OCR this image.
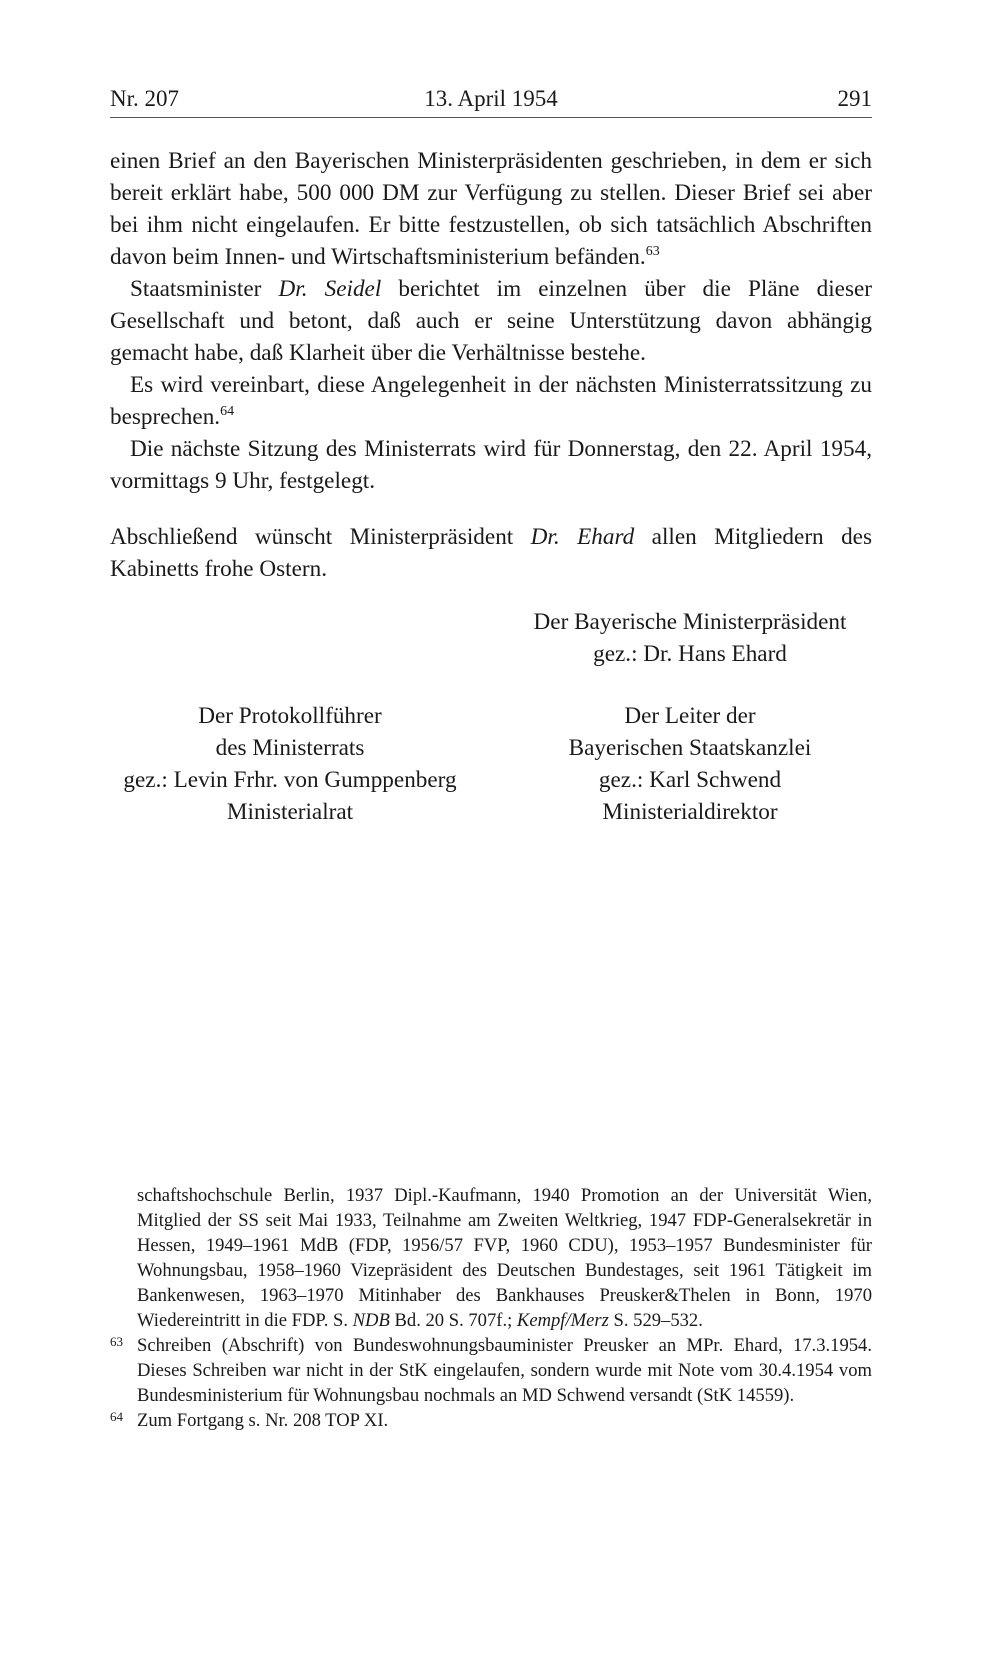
Nr. 207	13. April 1954	291

einen Brief an den Bayerischen Ministerpräsidenten geschrieben, in dem er sich bereit erklärt habe, 500 000 DM zur Verfügung zu stellen. Dieser Brief sei aber bei ihm nicht eingelaufen. Er bitte festzustellen, ob sich tatsächlich Abschriften davon beim Innen- und Wirtschaftsministerium befänden.$^{63}$

Staatsminister Dr. Seidel berichtet im einzelnen über die Pläne dieser Gesellschaft und betont, daß auch er seine Unterstützung davon abhängig gemacht habe, daß Klarheit über die Verhältnisse bestehe.

Es wird vereinbart, diese Angelegenheit in der nächsten Ministerratssitzung zu besprechen.$^{64}$

Die nächste Sitzung des Ministerrats wird für Donnerstag, den 22. April 1954, vormittags 9 Uhr, festgelegt.

Abschließend wünscht Ministerpräsident Dr. Ehard allen Mitgliedern des Kabinetts frohe Ostern.

Der Bayerische Ministerpräsident
gez.: Dr. Hans Ehard
Der Protokollführer
des Ministerrats
gez.: Levin Frhr. von Gumppenberg
Ministerialrat
Der Leiter der
Bayerischen Staatskanzlei
gez.: Karl Schwend
Ministerialdirektor
schaftshochschule Berlin, 1937 Dipl.-Kaufmann, 1940 Promotion an der Universität Wien, Mitglied der SS seit Mai 1933, Teilnahme am Zweiten Weltkrieg, 1947 FDP-Generalsekretär in Hessen, 1949–1961 MdB (FDP, 1956/57 FVP, 1960 CDU), 1953–1957 Bundesminister für Wohnungsbau, 1958–1960 Vizepräsident des Deutschen Bundestages, seit 1961 Tätigkeit im Bankenwesen, 1963–1970 Mitinhaber des Bankhauses Preusker&Thelen in Bonn, 1970 Wiedereintritt in die FDP. S. NDB Bd. 20 S. 707f.; Kempf/Merz S. 529–532.
63 Schreiben (Abschrift) von Bundeswohnungsbauminister Preusker an MPr. Ehard, 17.3.1954. Dieses Schreiben war nicht in der StK eingelaufen, sondern wurde mit Note vom 30.4.1954 vom Bundesministerium für Wohnungsbau nochmals an MD Schwend versandt (StK 14559).
64 Zum Fortgang s. Nr. 208 TOP XI.
